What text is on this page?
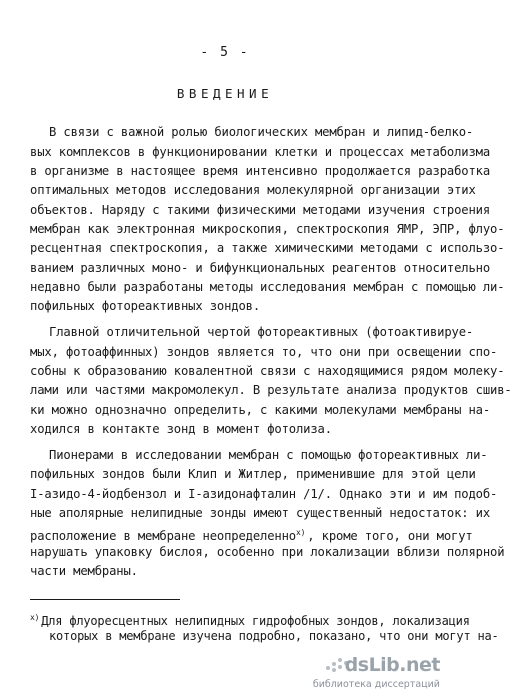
- 5 -
ВВЕДЕНИЕ
В связи с важной ролью биологических мембран и липид-белко-
вых комплексов в функционировании клетки и процессах метаболизма
в организме в настоящее время интенсивно продолжается разработка
оптимальных методов исследования молекулярной организации этих
объектов. Наряду с такими физическими методами изучения строения
мембран как электронная микроскопия, спектроскопия ЯМР, ЭПР, флуо-
ресцентная спектроскопия, а также химическими методами с использо-
ванием различных моно- и бифункциональных реагентов относительно
недавно были разработаны методы исследования мембран с помощью ли-
пофильных фотореактивных зондов.
Главной отличительной чертой фотореактивных (фотоактивируе-
мых, фотоаффинных) зондов является то, что они при освещении спо-
собны к образованию ковалентной связи с находящимися рядом молеку-
лами или частями макромолекул. В результате анализа продуктов сшив-
ки можно однозначно определить, с какими молекулами мембраны на-
ходился в контакте зонд в момент фотолиза.
Пионерами в исследовании мембран с помощью фотореактивных ли-
пофильных зондов были Клип и Житлер, применившие для этой цели
I-азидо-4-йодбензол и I-азидонафталин /1/. Однако эти и им подоб-
ные аполярные нелипидные зонды имеют существенный недостаток: их
расположение в мембране неопределенно$^{x)}$ , кроме того, они могут
нарушать упаковку бислоя, особенно при локализации вблизи полярной
части мембраны.
$^{x)}$ Для флуоресцентных нелипидных гидрофобных зондов, локализация
которых в мембране изучена подробно, показано, что они могут на-
dsLib.net
библиотека диссертаций
